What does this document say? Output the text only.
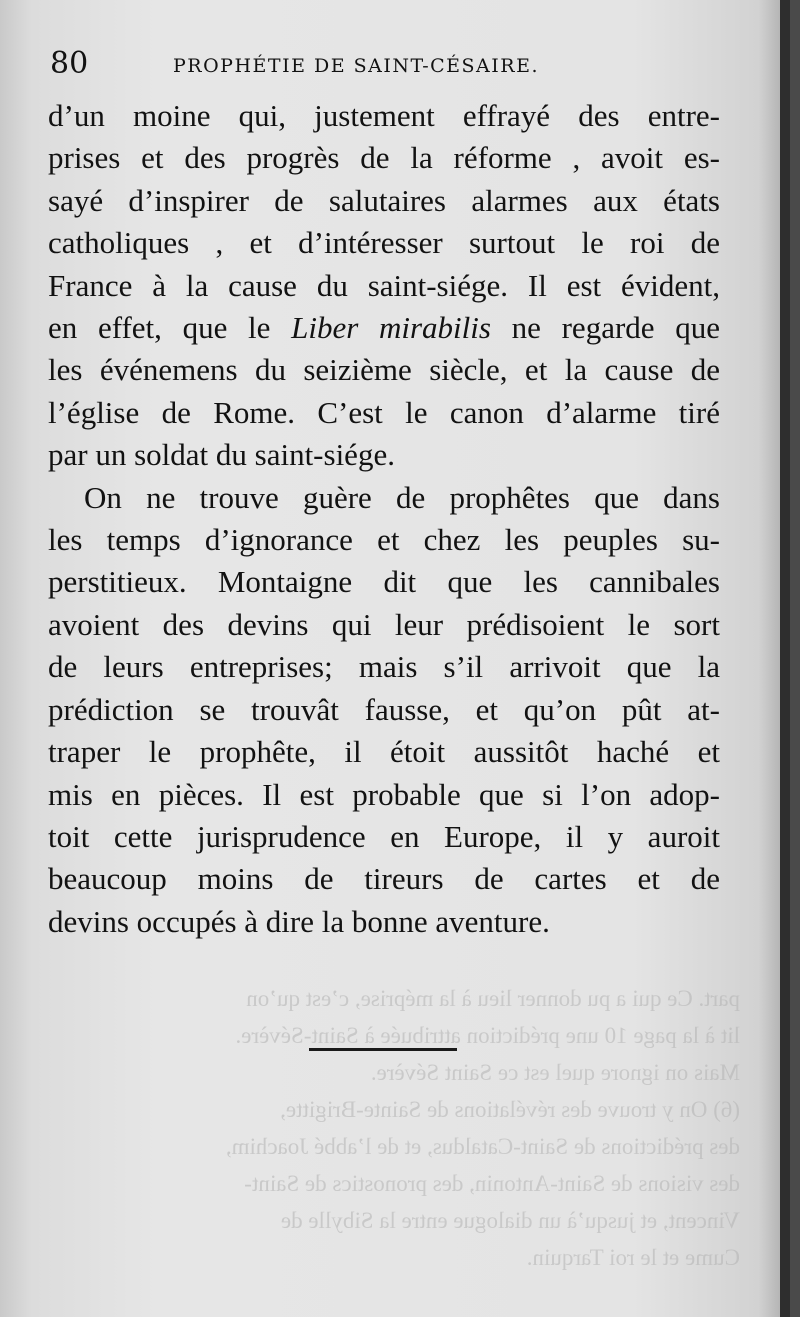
80	PROPHÉTIE DE SAINT-CÉSAIRE.
d’un moine qui, justement effrayé des entre-
prises et des progrès de la réforme , avoit es-
sayé d’inspirer de salutaires alarmes aux états
catholiques , et d’intéresser surtout le roi de
France à la cause du saint-siége. Il est évident,
en effet, que le Liber mirabilis ne regarde que
les événemens du seizième siècle, et la cause de
l’église de Rome. C’est le canon d’alarme tiré
par un soldat du saint-siége.
On ne trouve guère de prophêtes que dans
les temps d’ignorance et chez les peuples su-
perstitieux. Montaigne dit que les cannibales
avoient des devins qui leur prédisoient le sort
de leurs entreprises; mais s’il arrivoit que la
prédiction se trouvât fausse, et qu’on pût at-
traper le prophête, il étoit aussitôt haché et
mis en pièces. Il est probable que si l’on adop-
toit cette jurisprudence en Europe, il y auroit
beaucoup moins de tireurs de cartes et de
devins occupés à dire la bonne aventure.
part. Ce qui a pu donner lieu à la méprise, c’est qu’on
lit à la page 10 une prédiction attribuée à Saint-Sévère.
Mais on ignore quel est ce Saint Sévère.
(6) On y trouve des révélations de Sainte-Brigitte,
des prédictions de Saint-Cataldus, et de l’abbé Joachim,
des visions de Saint-Antonin, des pronostics de Saint-
Vincent, et jusqu’à un dialogue entre la Sibylle de
Cume et le roi Tarquin.
